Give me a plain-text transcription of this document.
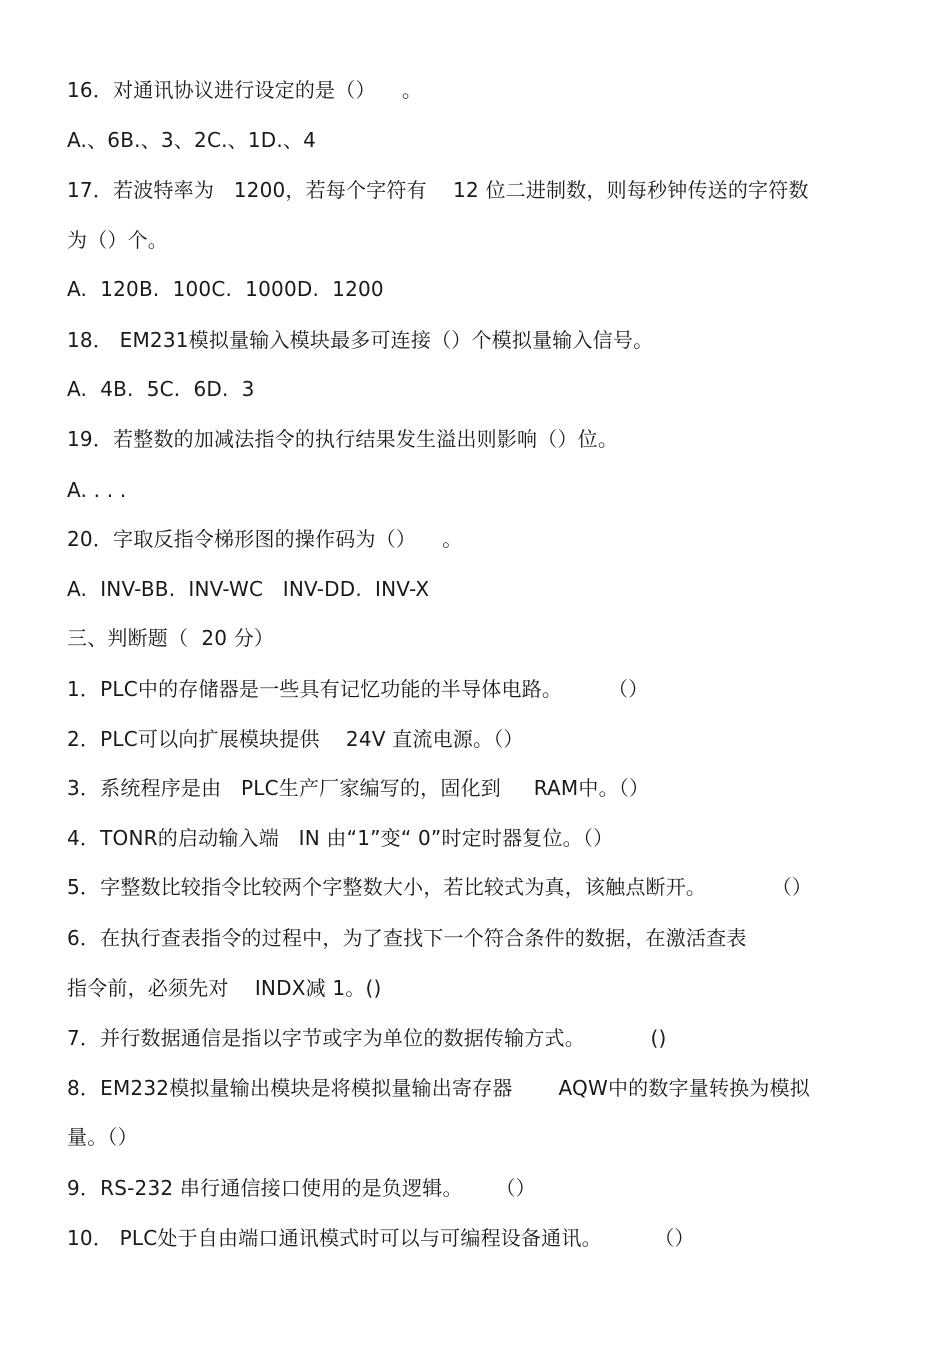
16．对通讯协议进行设定的是（）    。
A.、6B.、3、2C.、1D.、4
17．若波特率为   1200，若每个字符有    12 位二进制数，则每秒钟传送的字符数
为（）个。
A.  120B.  100C.  1000D.  1200
18． EM231模拟量输入模块最多可连接（）个模拟量输入信号。
A.  4B.  5C.  6D.  3
19．若整数的加减法指令的执行结果发生溢出则影响（）位。
A. . . .
20．字取反指令梯形图的操作码为（）    。
A.  INV-BB.  INV-WC   INV-DD.  INV-X
三、判断题（  20 分）
1．PLC中的存储器是一些具有记忆功能的半导体电路。       （）
2．PLC可以向扩展模块提供    24V 直流电源。（）
3．系统程序是由   PLC生产厂家编写的，固化到     RAM中。（）
4．TONR的启动输入端   IN 由“1”变“ 0”时定时器复位。（）
5．字整数比较指令比较两个字整数大小，若比较式为真，该触点断开。          （）
6．在执行查表指令的过程中，为了查找下一个符合条件的数据，在激活查表
指令前，必须先对    INDX减 1。()
7．并行数据通信是指以字节或字为单位的数据传输方式。          ()
8．EM232模拟量输出模块是将模拟量输出寄存器       AQW中的数字量转换为模拟
量。（）
9．RS-232 串行通信接口使用的是负逻辑。     （）
10． PLC处于自由端口通讯模式时可以与可编程设备通讯。        （）
